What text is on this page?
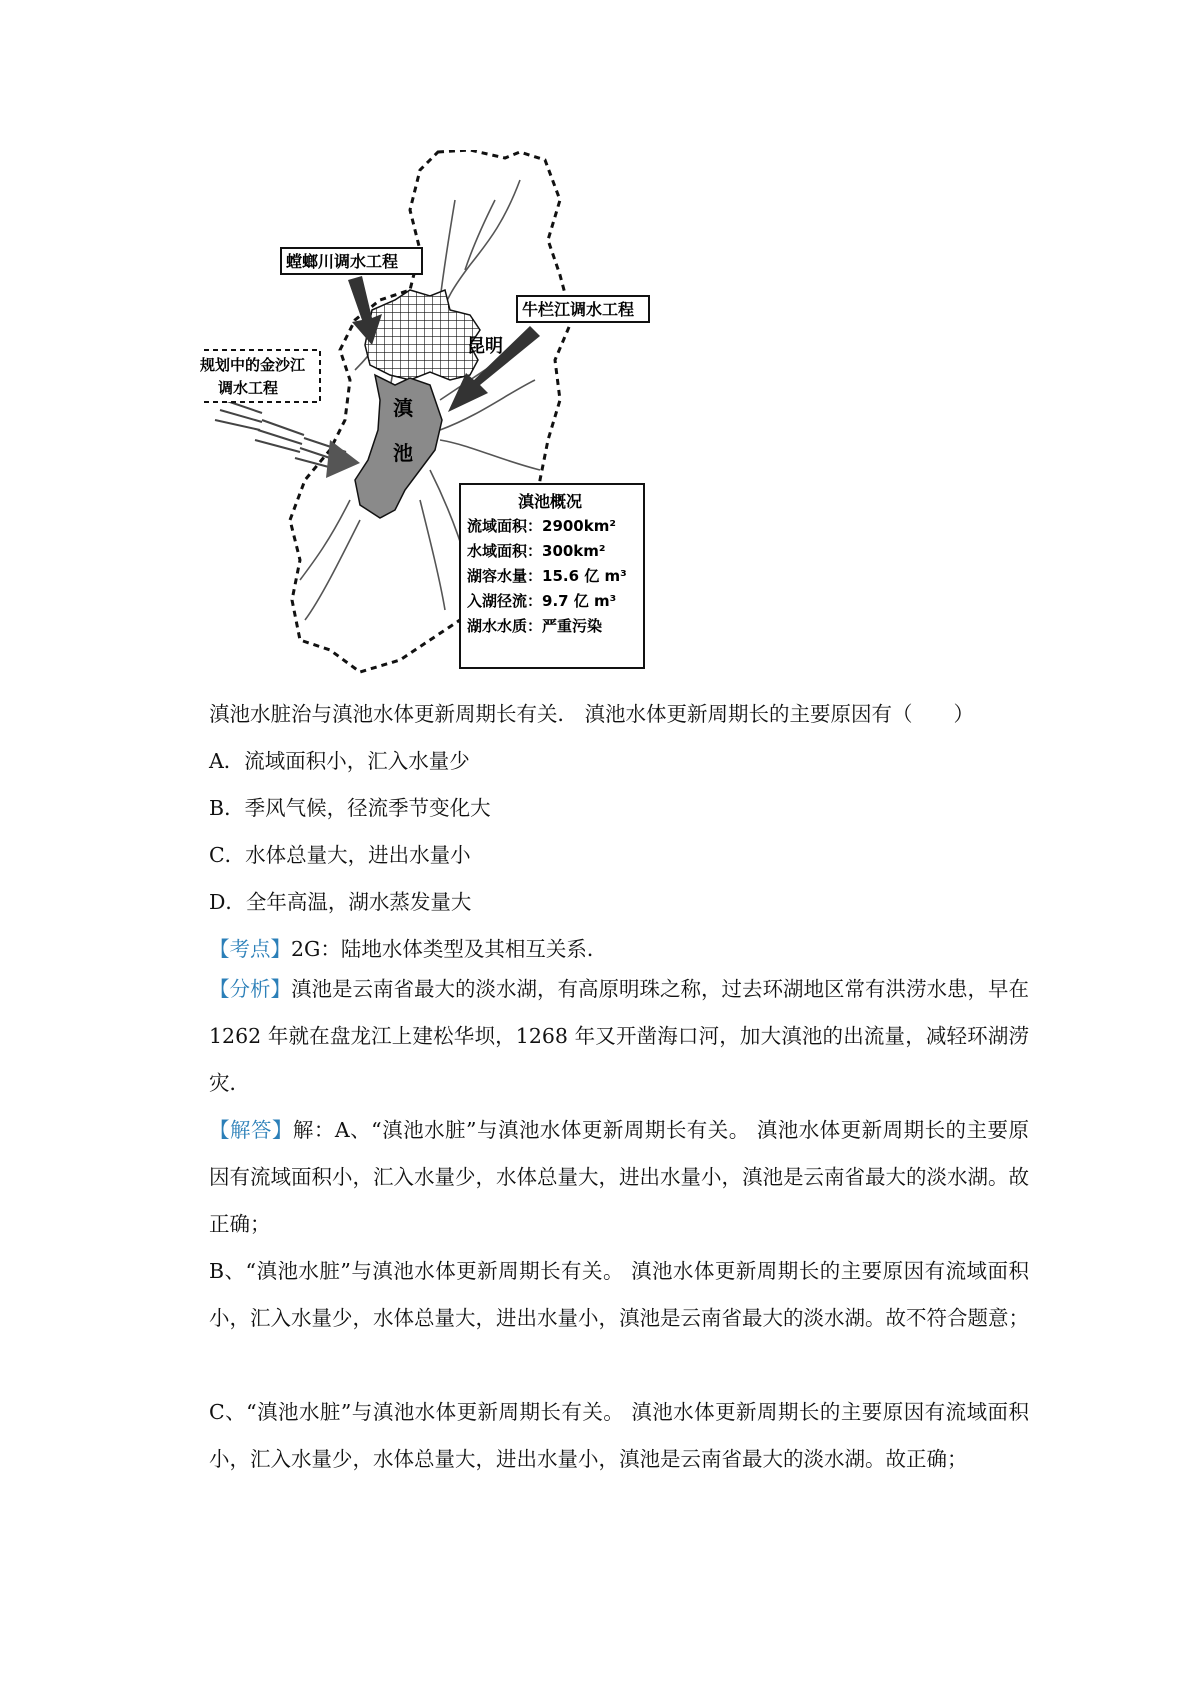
螳螂川调水工程
牛栏江调水工程
规划中的金沙江
调水工程
昆明
滇
池
滇池概况
流域面积：2900km²
水域面积：300km²
湖容水量：15.6 亿 m³
入湖径流：9.7 亿 m³
湖水水质：严重污染
滇池水脏治与滇池水体更新周期长有关． 滇池水体更新周期长的主要原因有（　　）
A．流域面积小，汇入水量少
B．季风气候，径流季节变化大
C．水体总量大，进出水量小
D．全年高温，湖水蒸发量大
【考点】2G：陆地水体类型及其相互关系．
【分析】滇池是云南省最大的淡水湖，有高原明珠之称，过去环湖地区常有洪涝水患，早在 1262 年就在盘龙江上建松华坝，1268 年又开凿海口河，加大滇池的出流量，减轻环湖涝灾．
【解答】解：A、“滇池水脏”与滇池水体更新周期长有关。 滇池水体更新周期长的主要原因有流域面积小，汇入水量少，水体总量大，进出水量小，滇池是云南省最大的淡水湖。故正确；
B、“滇池水脏”与滇池水体更新周期长有关。 滇池水体更新周期长的主要原因有流域面积小，汇入水量少，水体总量大，进出水量小，滇池是云南省最大的淡水湖。故不符合题意；
C、“滇池水脏”与滇池水体更新周期长有关。 滇池水体更新周期长的主要原因有流域面积小，汇入水量少，水体总量大，进出水量小，滇池是云南省最大的淡水湖。故正确；
